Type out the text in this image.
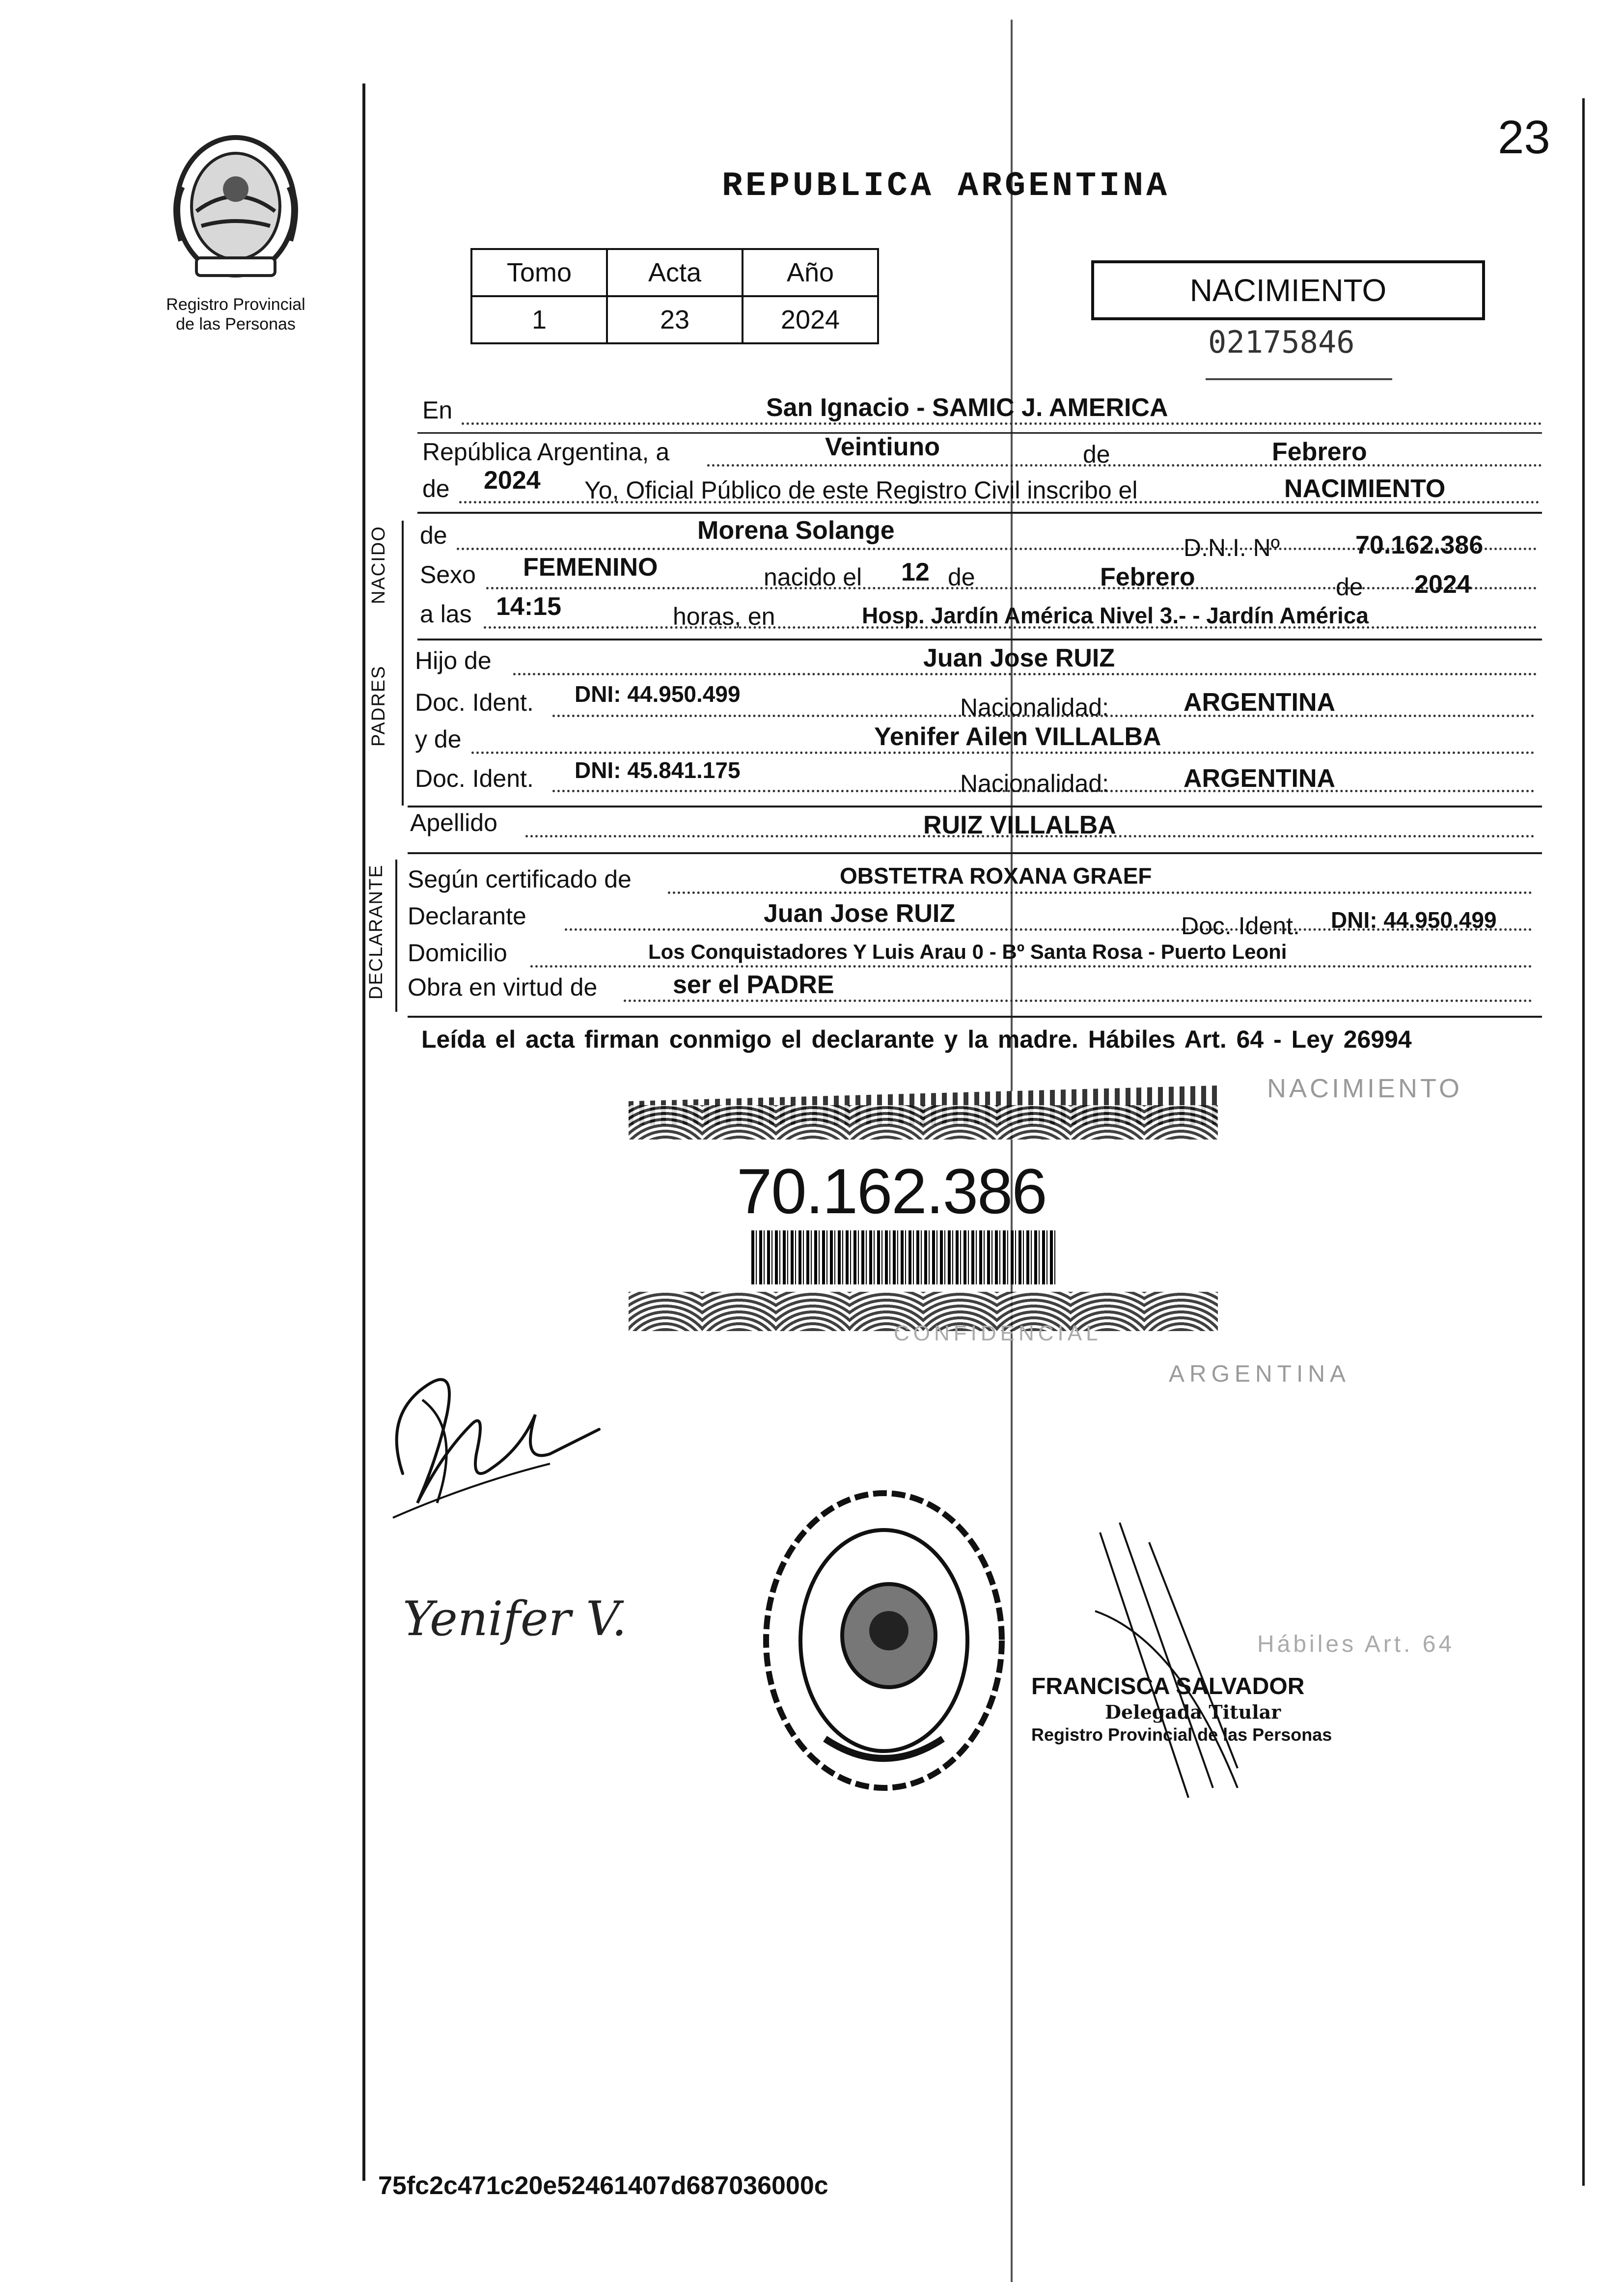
23
Registro Provincial
de las Personas
REPUBLICA ARGENTINA
Tomo	Acta	Año
1	23	2024
NACIMIENTO
02175846
En	San Ignacio - SAMIC J. AMERICA
República Argentina, a	Veintiuno	de	Febrero
de 2024 Yo, Oficial Público de este Registro Civil inscribo el	NACIMIENTO
NACIDO de	Morena Solange
D.N.I. Nº	70.162.386
Sexo FEMENINO	nacido el 12 de	Febrero	de 2024
a las 14:15	horas, en	Hosp. Jardín América Nivel 3.- - Jardín América
PADRES
Hijo de	Juan Jose RUIZ
Doc. Ident. DNI: 44.950.499	Nacionalidad:	ARGENTINA
y de	Yenifer Ailen VILLALBA
Doc. Ident. DNI: 45.841.175	Nacionalidad:	ARGENTINA
Apellido	RUIZ VILLALBA
DECLARANTE Según certificado de	OBSTETRA ROXANA GRAEF
Declarante	Juan Jose RUIZ	Doc. Ident. DNI: 44.950.499
Domicilio	Los Conquistadores Y Luis Arau 0 - Bº Santa Rosa - Puerto Leoni
Obra en virtud de	ser el PADRE
Leída el acta firman conmigo el declarante y la madre. Hábiles Art. 64 - Ley 26994
NACIMIENTO
70.162.386
CONFIDENCIAL
ARGENTINA
Hábiles Art. 64
Yenifer V.
FRANCISCA SALVADOR
Delegada Titular
Registro Provincial de las Personas
75fc2c471c20e52461407d687036000c
